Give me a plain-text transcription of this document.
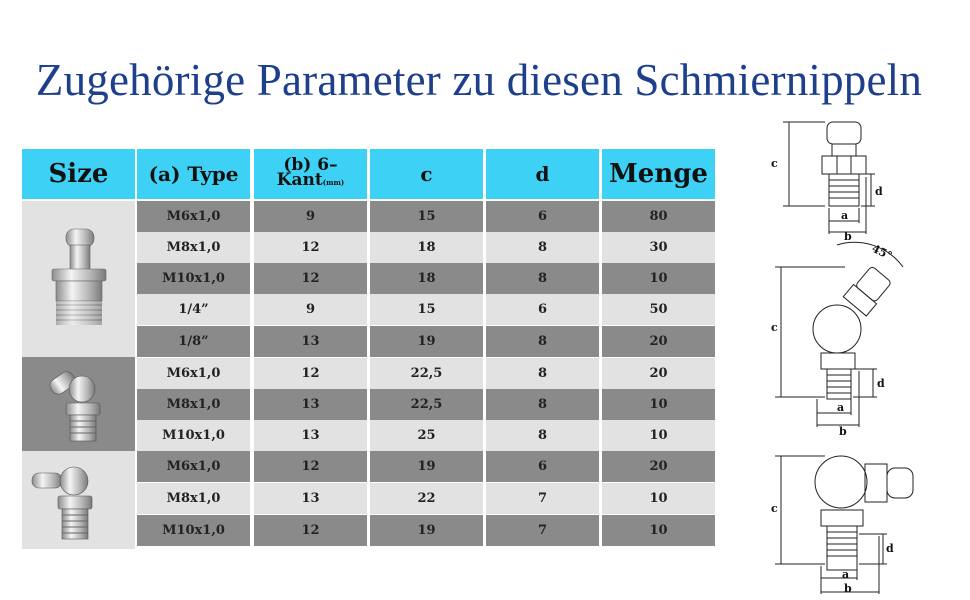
Zugehörige Parameter zu diesen Schmiernippeln
Size	(a) Type
M6x1,0
M8x1,0
M10x1,0
1/4”
1/8”
M6x1,0
M8x1,0
M10x1,0
M6x1,0
M8x1,0
M10x1,0
(b) 6–
Kant(mm)
9
12
12
9
13
12
13
13
12
13
12
c
15
18
18
15
19
22,5
22,5
25
19
22
19
d
6
8
8
6
8
8
8
8
6
7
7
Menge
80
30
10
50
20
20
10
10
20
10
10
c
d
a
b
45°
c
d
a
b
c
d
a
b
